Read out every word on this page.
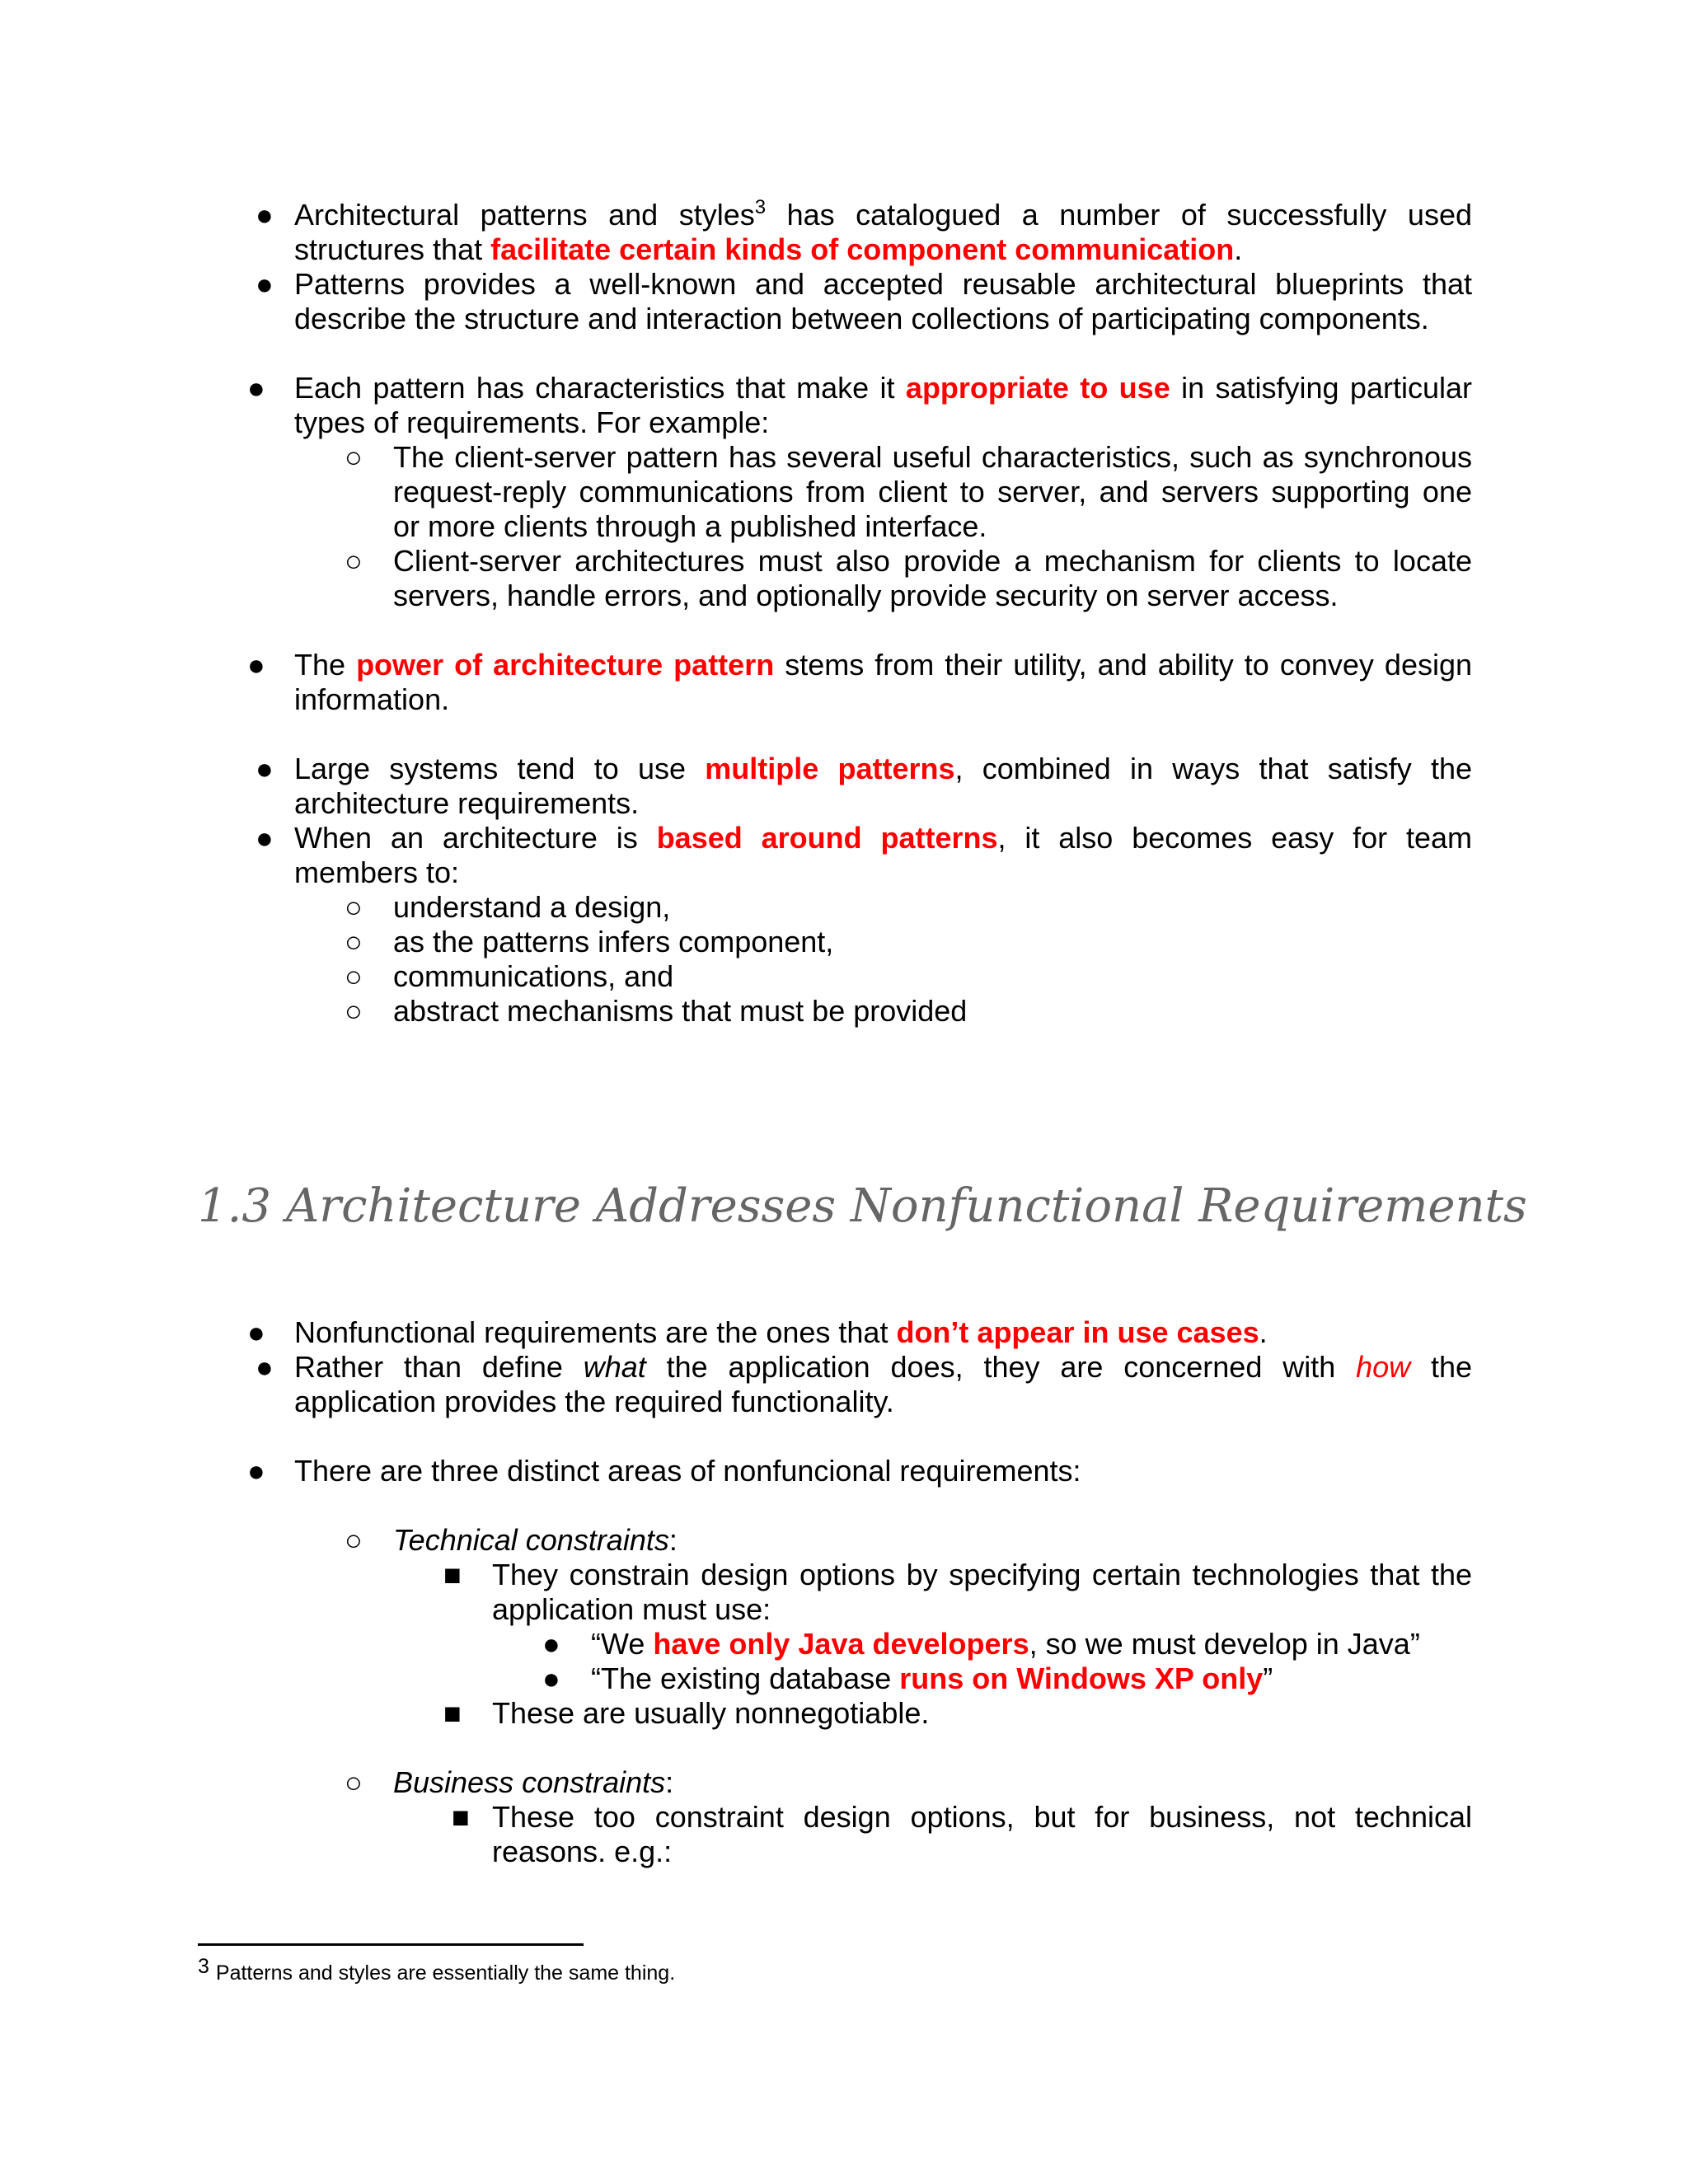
● Architectural patterns and styles$^3$ has catalogued a number of successfully used
structures that facilitate certain kinds of component communication.
● Patterns provides a well-known and accepted reusable architectural blueprints that
describe the structure and interaction between collections of participating components.
● Each pattern has characteristics that make it appropriate to use in satisfying particular
types of requirements. For example:
○ The client-server pattern has several useful characteristics, such as synchronous
request-reply communications from client to server, and servers supporting one
or more clients through a published interface.
○ Client-server architectures must also provide a mechanism for clients to locate
servers, handle errors, and optionally provide security on server access.
● The power of architecture pattern stems from their utility, and ability to convey design
information.
● Large systems tend to use multiple patterns, combined in ways that satisfy the
architecture requirements.
● When an architecture is based around patterns, it also becomes easy for team
members to:
○ understand a design,
○ as the patterns infers component,
○ communications, and
○ abstract mechanisms that must be provided
1.3 Architecture Addresses Nonfunctional Requirements
● Nonfunctional requirements are the ones that don’t appear in use cases.
● Rather than define what the application does, they are concerned with how the
application provides the required functionality.
● There are three distinct areas of nonfuncional requirements:
○ Technical constraints:
■ They constrain design options by specifying certain technologies that the
application must use:
● “We have only Java developers, so we must develop in Java”
● “The existing database runs on Windows XP only”
■ These are usually nonnegotiable.
○ Business constraints:
■ These too constraint design options, but for business, not technical
reasons. e.g.:
3 Patterns and styles are essentially the same thing.
